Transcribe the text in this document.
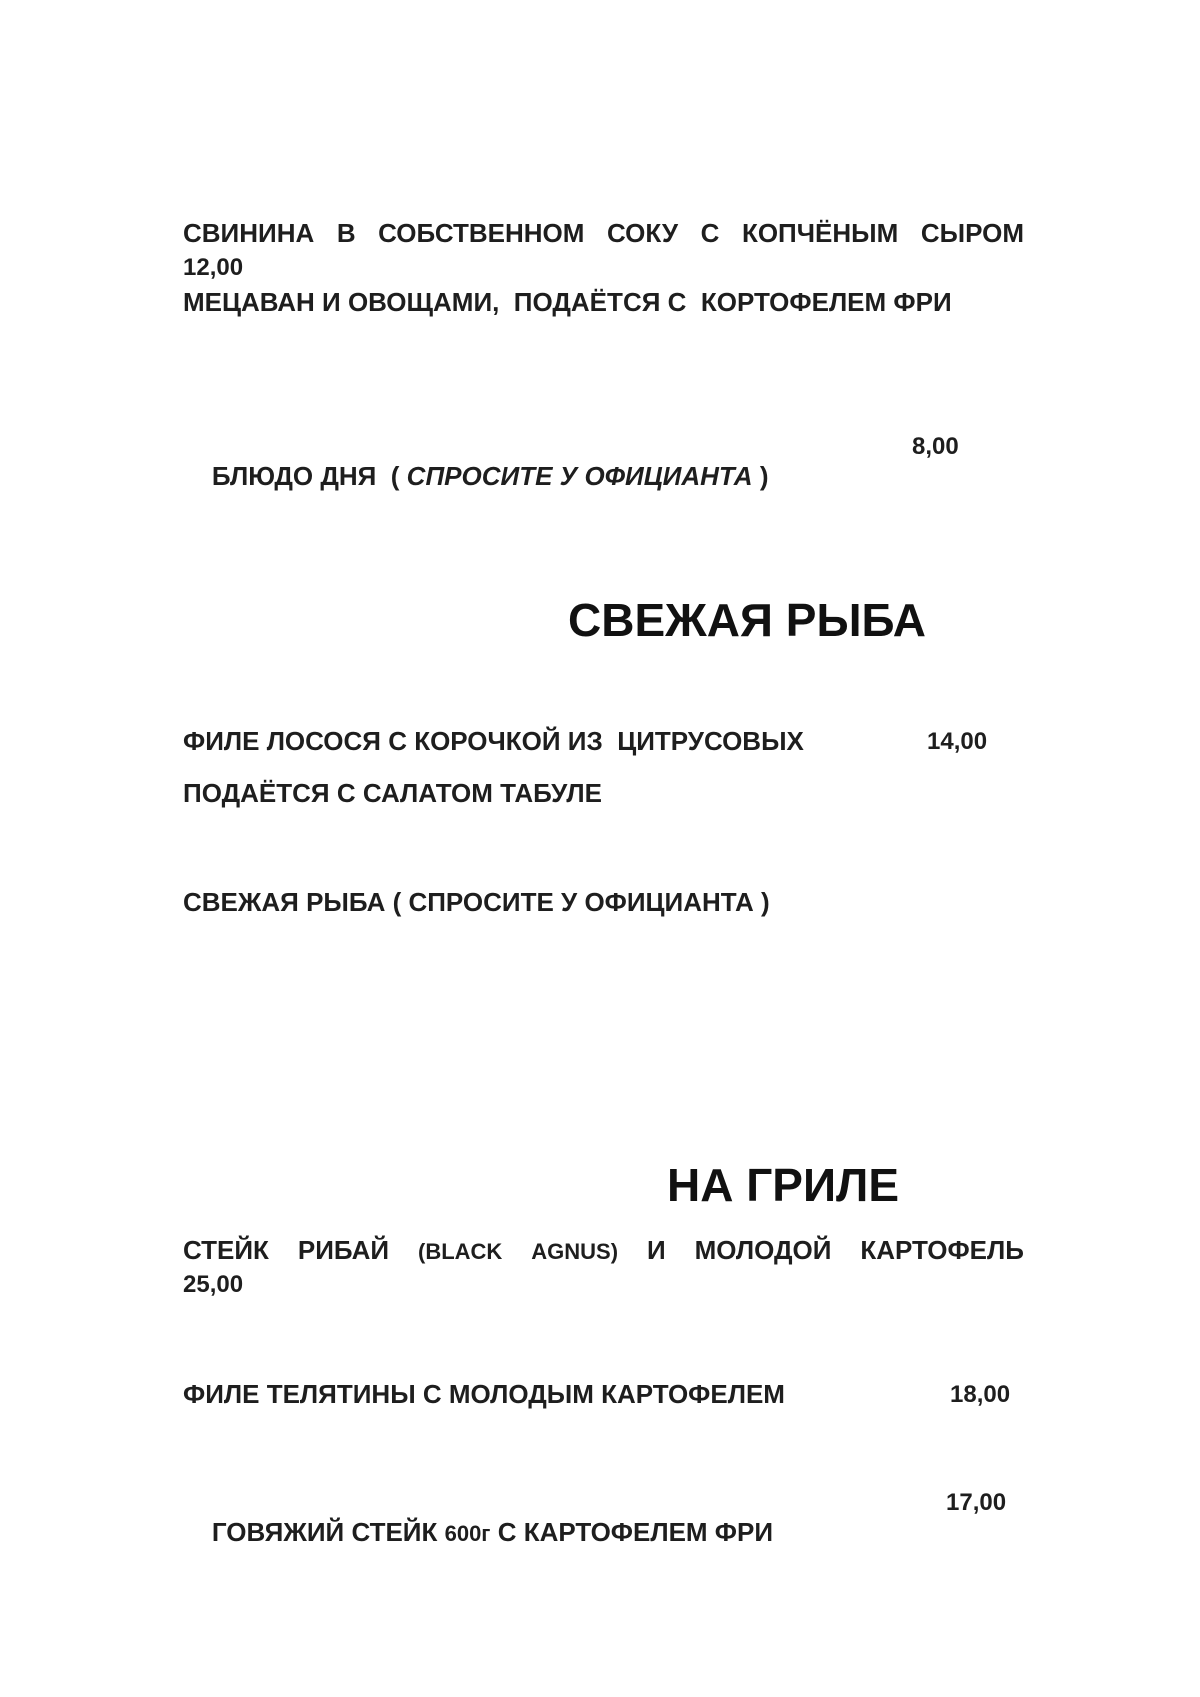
СВИНИНА В СОБСТВЕННОМ СОКУ С КОПЧЁНЫМ СЫРОМ
12,00
МЕЦАВАН И ОВОЩАМИ,  ПОДАЁТСЯ С  КОРТОФЕЛЕМ ФРИ

БЛЮДО ДНЯ ( СПРОСИТЕ У ОФИЦИАНТА )

8,00
СВЕЖАЯ РЫБА
ФИЛЕ ЛОСОСЯ С КОРОЧКОЙ ИЗ  ЦИТРУСОВЫХ	14,00
ПОДАЁТСЯ С САЛАТОМ ТАБУЛЕ
СВЕЖАЯ РЫБА ( СПРОСИТЕ У ОФИЦИАНТА )
НА ГРИЛЕ
СТЕЙК РИБАЙ (BLACK AGNUS) И МОЛОДОЙ КАРТОФЕЛЬ
25,00
ФИЛЕ ТЕЛЯТИНЫ С МОЛОДЫМ КАРТОФЕЛЕМ	18,00

ГОВЯЖИЙ СТЕЙК 600г С КАРТОФЕЛЕМ ФРИ

17,00
